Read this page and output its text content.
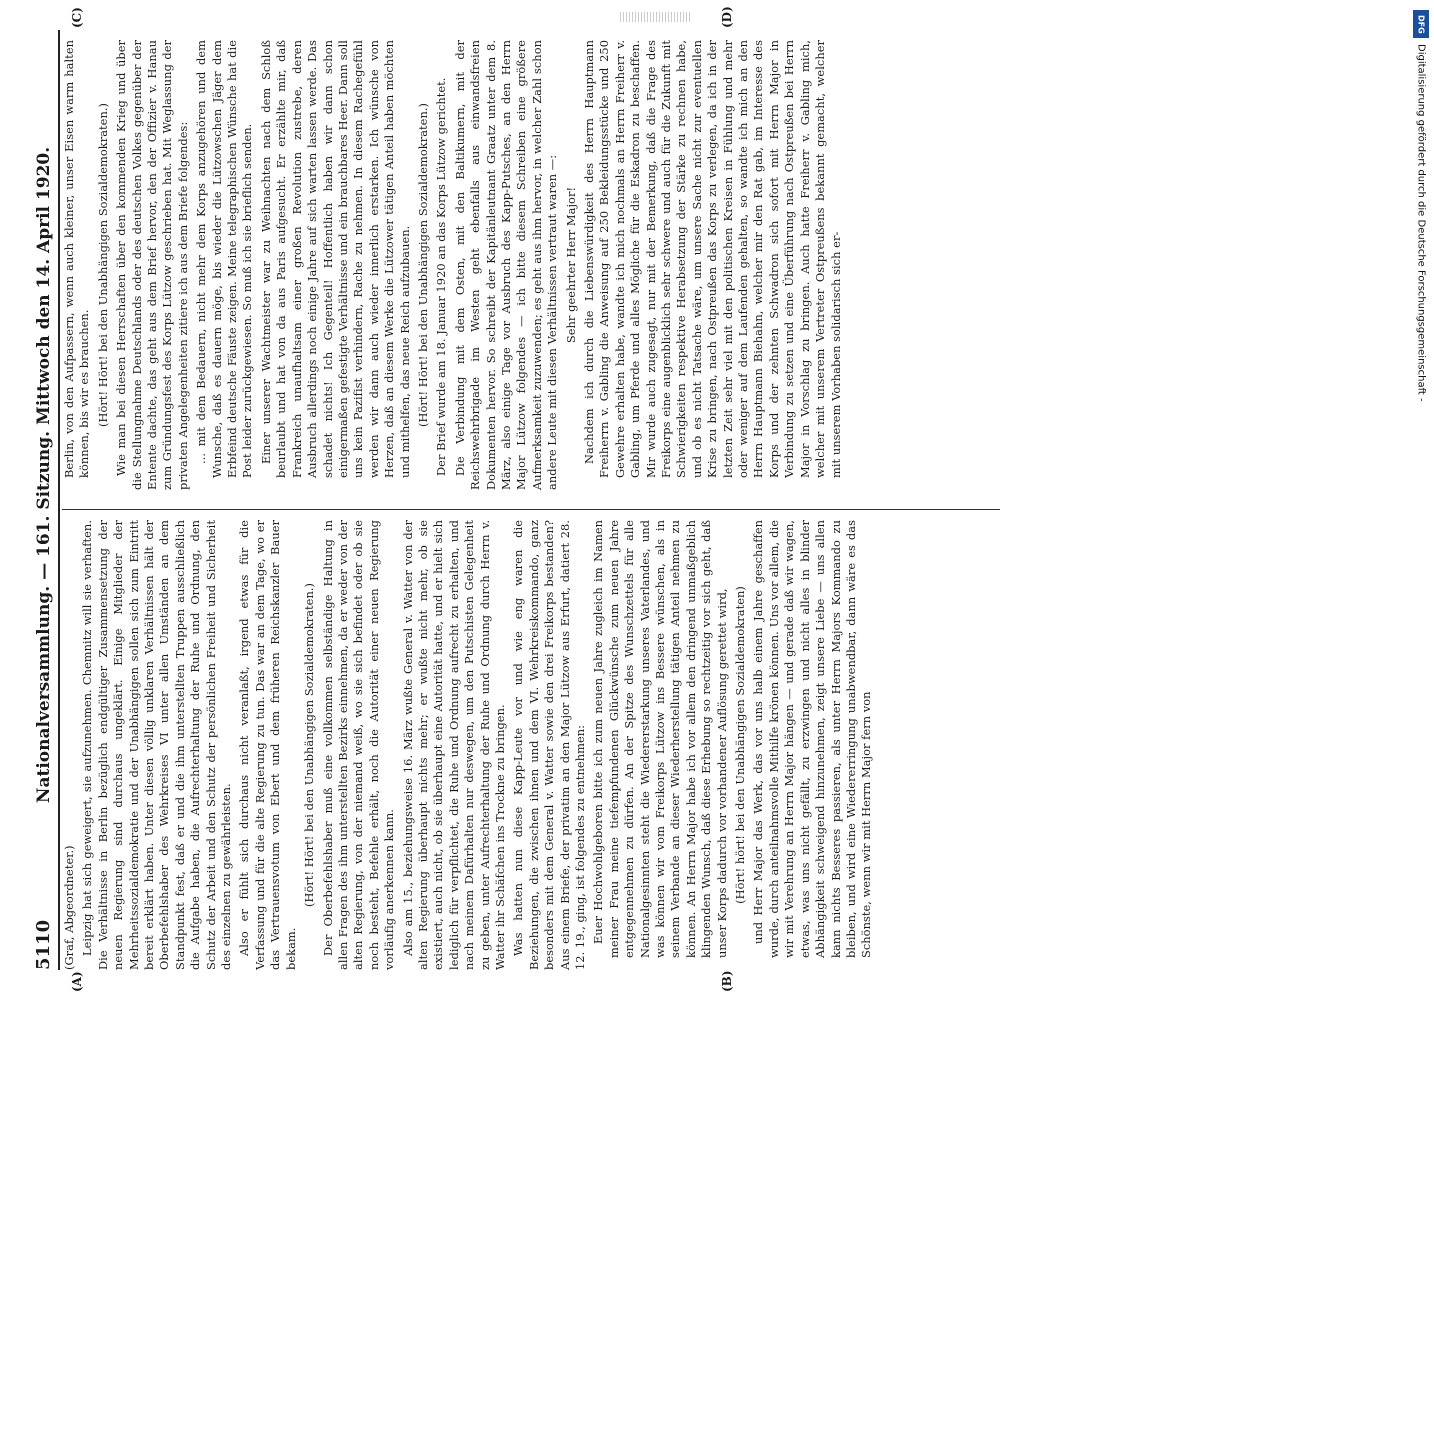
5110
Nationalversammlung. — 161. Sitzung. Mittwoch den 14. April 1920.

(Graf, Abgeordneter.) Leipzig hat sich geweigert, sie aufzunehmen. Chemnitz will sie verhaften. Die Verhältnisse in Berlin bezüglich endgültiger Zusammensetzung der neuen Regierung sind durchaus ungeklärt. Einige Mitglieder der Mehrheitssozialdemokratie und der Unabhängigen sollen sich zum Eintritt bereit erklärt haben. Unter diesen völlig unklaren Verhältnissen hält der Oberbefehlshaber des Wehrkreises VI unter allen Umständen an dem Standpunkt fest, daß er und die ihm unterstellten Truppen ausschließlich die Aufgabe haben, die Aufrechterhaltung der Ruhe und Ordnung, den Schutz der Arbeit und den Schutz der persönlichen Freiheit und Sicherheit des einzelnen zu gewährleisten. Also er fühlt sich durchaus nicht veranlaßt, irgend etwas für die Verfassung und für die alte Regierung zu tun. Das war an dem Tage, wo er das Vertrauensvotum von Ebert und dem früheren Reichskanzler Bauer bekam.

(Hört! Hört! bei den Unabhängigen Sozialdemokraten.) Der Oberbefehlshaber muß eine vollkommen selbständige Haltung in allen Fragen des ihm unterstellten Bezirks einnehmen, da er weder von der alten Regierung, von der niemand weiß, wo sie sich befindet oder ob sie noch besteht, Befehle erhält, noch die Autorität einer neuen Regierung vorläufig anerkennen kann. Also am 15., beziehungsweise 16. März wußte General v. Watter von der alten Regierung überhaupt nichts mehr; er wußte nicht mehr, ob sie existiert, auch nicht, ob sie überhaupt eine Autorität hatte, und er hielt sich lediglich für verpflichtet, die Ruhe und Ordnung aufrecht zu erhalten, und nach meinem Dafürhalten nur deswegen, um den Putschisten Gelegenheit zu geben, unter Aufrechterhaltung der Ruhe und Ordnung durch Herrn v. Watter ihr Schäfchen ins Trockne zu bringen. Was hatten nun diese Kapp-Leute vor und wie eng waren die Beziehungen, die zwischen ihnen und dem VI. Wehrkreiskommando, ganz besonders mit dem General v. Watter sowie den drei Freikorps bestanden? Aus einem Briefe, der privatim an den Major Lützow aus Erfurt, datiert 28. 12. 19., ging, ist folgendes zu entnehmen: Euer Hochwohlgeboren bitte ich zum neuen Jahre zugleich im Namen meiner Frau meine tiefempfundenen Glückwünsche zum neuen Jahre entgegennehmen zu dürfen. An der Spitze des Wunschzettels für alle Nationalgesinnten steht die Wiedererstarkung unseres Vaterlandes, und was können wir vom Freikorps Lützow ins Bessere wünschen, als in seinem Verbande an dieser Wiederherstellung tätigen Anteil nehmen zu können. An Herrn Major habe ich vor allem den dringend unmaßgeblich klingenden Wunsch, daß diese Erhebung so rechtzeitig vor sich geht, daß unser Korps dadurch vor vorhandener Auflösung gerettet wird, (Hört! hört! bei den Unabhängigen Sozialdemokraten) und Herr Major das Werk, das vor uns halb einem Jahre geschaffen wurde, durch anteilnahmsvolle Mithilfe krönen können. Uns vor allem, die wir mit Verehrung an Herrn Major hängen — und gerade daß wir wagen, etwas, was uns nicht gefällt, zu erzwingen und nicht alles in blinder Abhängigkeit schweigend hinzunehmen, zeigt unsere Liebe — uns allen kann nichts Besseres passieren, als unter Herrn Majors Kommando zu bleiben, und wird eine Wiedererringung unabwendbar, dann wäre es das Schönste, wenn wir mit Herrn Major fern von

Berlin, von den Aufpassern, wenn auch kleiner, unser Eisen warm halten können, bis wir es brauchen. (Hört! Hört! bei den Unabhängigen Sozialdemokraten.) Wie man bei diesen Herrschaften über den kommenden Krieg und über die Stellungnahme Deutschlands oder des deutschen Volkes gegenüber der Entente dachte, das geht aus dem Brief hervor, den der Offizier v. Hanau zum Gründungsfest des Korps Lützow geschrieben hat. Mit Weglassung der privaten Angelegenheiten zitiere ich aus dem Briefe folgendes: ... mit dem Bedauern, nicht mehr dem Korps anzugehören und dem Wunsche, daß es dauern möge, bis wieder die Lützowschen Jäger dem Erbfeind deutsche Fäuste zeigen. Meine telegraphischen Wünsche hat die Post leider zurückgewiesen. So muß ich sie brieflich senden. Einer unserer Wachtmeister war zu Weihnachten nach dem Schloß beurlaubt und hat von da aus Paris aufgesucht. Er erzählte mir, daß Frankreich unaufhaltsam einer großen Revolution zustrebe, deren Ausbruch allerdings noch einige Jahre auf sich warten lassen werde. Das schadet nichts! Ich Gegenteil! Hoffentlich haben wir dann schon einigermaßen gefestigte Verhältnisse und ein brauchbares Heer. Dann soll uns kein Pazifist verhindern, Rache zu nehmen. In diesem Rachegefühl werden wir dann auch wieder innerlich erstarken. Ich wünsche von Herzen, daß an diesem Werke die Lützower tätigen Anteil haben möchten und mithelfen, das neue Reich aufzubauen. (Hört! Hört! bei den Unabhängigen Sozialdemokraten.) Der Brief wurde am 18. Januar 1920 an das Korps Lützow gerichtet. Die Verbindung mit dem Osten, mit den Baltikumern, mit der Reichswehrbrigade im Westen geht ebenfalls aus einwandsfreien Dokumenten hervor. So schreibt der Kapitänleutnant Graatz unter dem 8. März, also einige Tage vor Ausbruch des Kapp-Putsches, an den Herrn Major Lützow folgendes — ich bitte diesem Schreiben eine größere Aufmerksamkeit zuzuwenden; es geht aus ihm hervor, in welcher Zahl schon andere Leute mit diesen Verhältnissen vertraut waren —: Sehr geehrter Herr Major! Nachdem ich durch die Liebenswürdigkeit des Herrn Hauptmann Freiherrn v. Gabling die Anweisung auf 250 Bekleidungsstücke und 250 Gewehre erhalten habe, wandte ich mich nochmals an Herrn Freiherr v. Gabling, um Pferde und alles Mögliche für die Eskadron zu beschaffen. Mir wurde auch zugesagt, nur mit der Bemerkung, daß die Frage des Freikorps eine augenblicklich sehr schwere und auch für die Zukunft mit Schwierigkeiten respektive Herabsetzung der Stärke zu rechnen habe, und ob es nicht Tatsache wäre, um unsere Sache nicht zur eventuellen Krise zu bringen, nach Ostpreußen das Korps zu verlegen, da ich in der letzten Zeit sehr viel mit den politischen Kreisen in Fühlung und mehr oder weniger auf dem Laufenden gehalten, so wandte ich mich an den Herrn Hauptmann Biehahn, welcher mir den Rat gab, im Interesse des Korps und der zehnten Schwadron sich sofort mit Herrn Major in Verbindung zu setzen und eine Überführung nach Ostpreußen bei Herrn Major in Vorschlag zu bringen. Auch hatte Freiherr v. Gabling mich, welcher mit unserem Vertreter Ostpreußens bekannt gemacht, welcher mit unserem Vorhaben solidarisch sich er-

(A)	(B)
(C)	(D)	DFG
Digitalisierung gefördert durch die Deutsche Forschungsgemeinschaft -
